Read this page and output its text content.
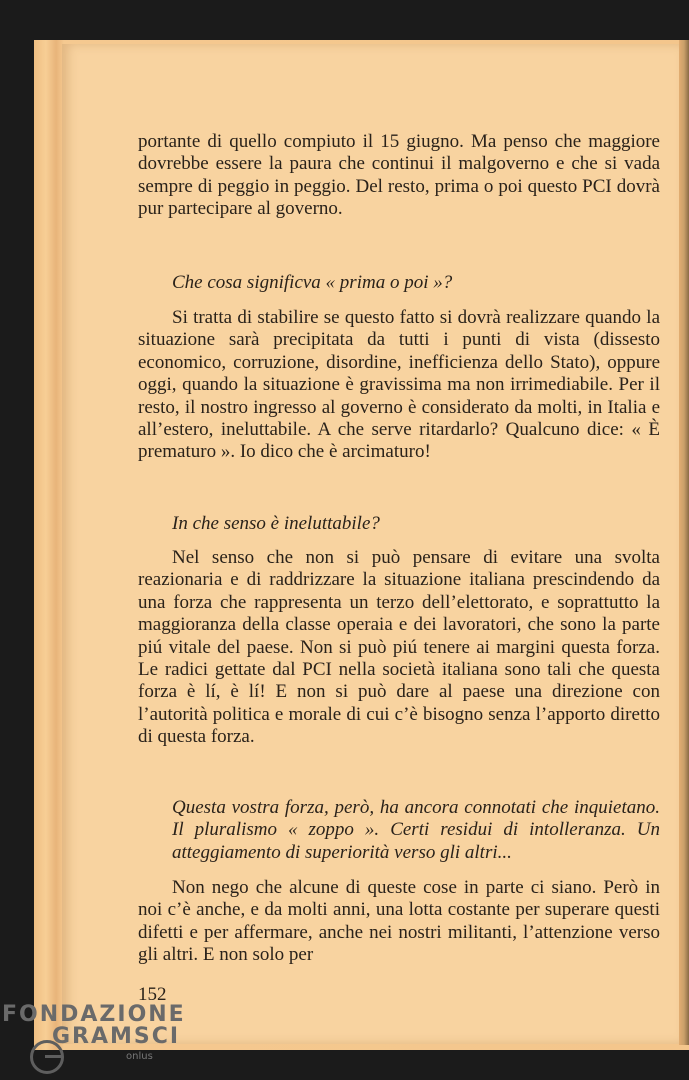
portante di quello compiuto il 15 giugno. Ma penso che maggiore dovrebbe essere la paura che continui il malgoverno e che si vada sempre di peggio in peggio. Del resto, prima o poi questo PCI dovrà pur partecipare al governo.

Che cosa significva « prima o poi »?

Si tratta di stabilire se questo fatto si dovrà realizzare quando la situazione sarà precipitata da tutti i punti di vista (dissesto economico, corruzione, disordine, inefficienza dello Stato), oppure oggi, quando la situazione è gravissima ma non irrimediabile. Per il resto, il nostro ingresso al governo è considerato da molti, in Italia e all’estero, ineluttabile. A che serve ritardarlo? Qualcuno dice: « È prematuro ». Io dico che è arcimaturo!

In che senso è ineluttabile?

Nel senso che non si può pensare di evitare una svolta reazionaria e di raddrizzare la situazione italiana prescindendo da una forza che rappresenta un terzo dell’elettorato, e soprattutto la maggioranza della classe operaia e dei lavoratori, che sono la parte piú vitale del paese. Non si può piú tenere ai margini questa forza. Le radici gettate dal PCI nella società italiana sono tali che questa forza è lí, è lí! E non si può dare al paese una direzione con l’autorità politica e morale di cui c’è bisogno senza l’apporto diretto di questa forza.

Questa vostra forza, però, ha ancora connotati che inquietano. Il pluralismo « zoppo ». Certi residui di intolleranza. Un atteggiamento di superiorità verso gli altri...

Non nego che alcune di queste cose in parte ci siano. Però in noi c’è anche, e da molti anni, una lotta costante per superare questi difetti e per affermare, anche nei nostri militanti, l’attenzione verso gli altri. E non solo per

152
FONDAZIONE
GRAMSCI
onlus
